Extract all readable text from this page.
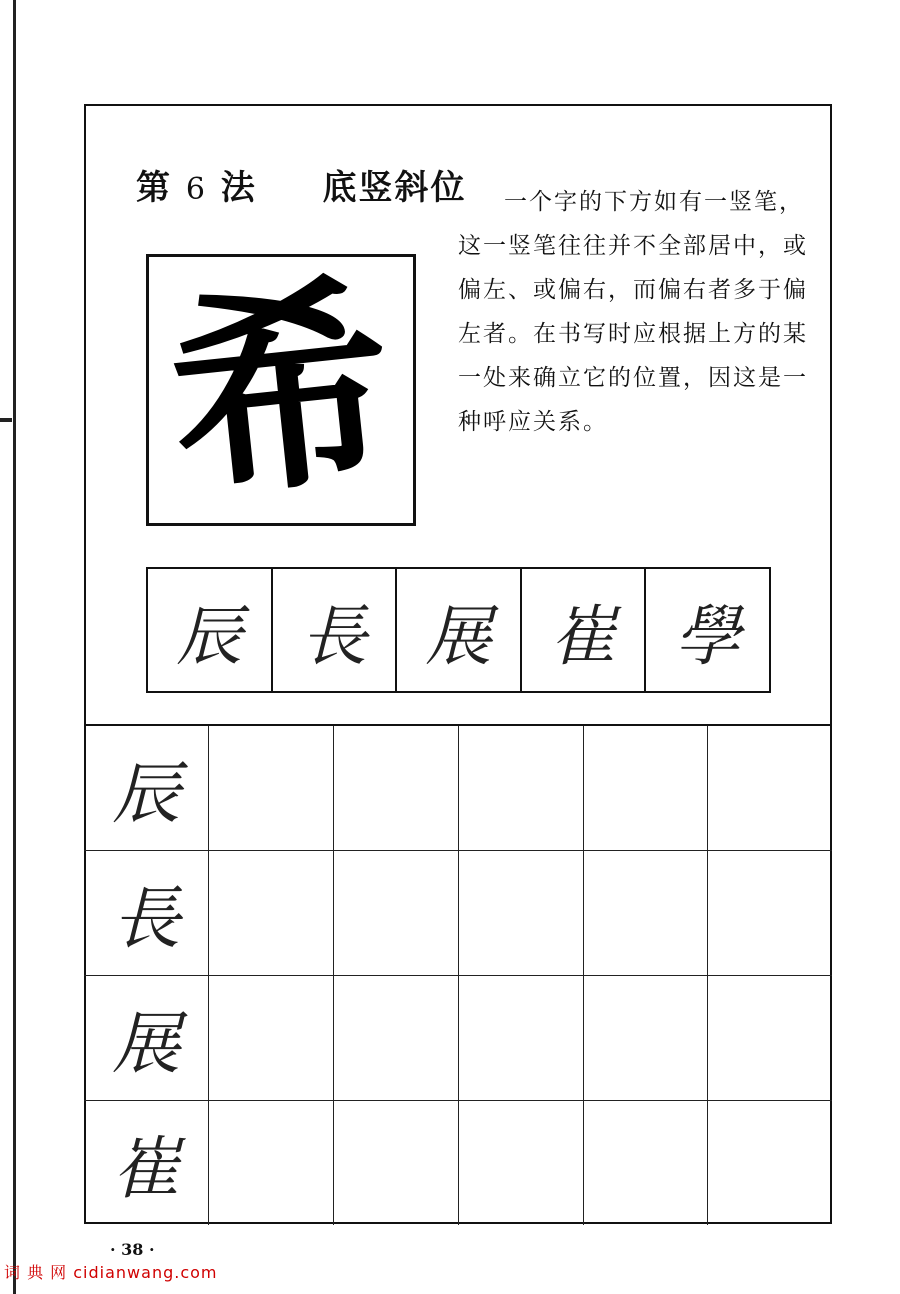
第 6 法 底竖斜位	一个字的下方如有一竖笔，这一竖笔往往并不全部居中，或偏左、或偏右，而偏右者多于偏左者。在书写时应根据上方的某一处来确立它的位置，因这是一种呼应关系。
希
辰 長 展 崔 學
辰					
長					
展					
崔					
· 38 ·
词 典 网 cidianwang.com
